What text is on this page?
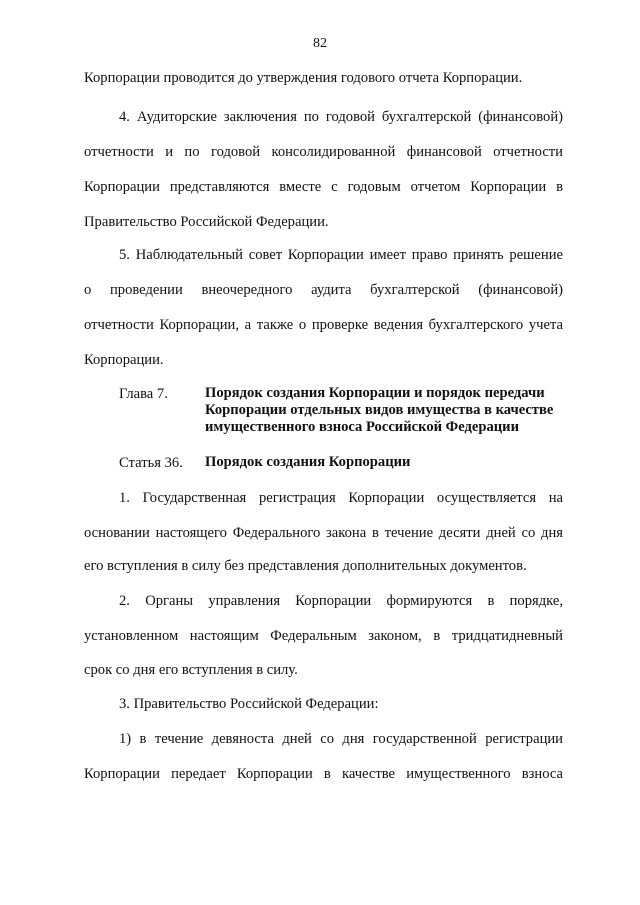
82
Корпорации проводится до утверждения годового отчета Корпорации.
4. Аудиторские заключения по годовой бухгалтерской (финансовой)
отчетности и по годовой консолидированной финансовой отчетности
Корпорации представляются вместе с годовым отчетом Корпорации в
Правительство Российской Федерации.
5. Наблюдательный совет Корпорации имеет право принять решение
о проведении внеочередного аудита бухгалтерской (финансовой)
отчетности Корпорации, а также о проверке ведения бухгалтерского учета
Корпорации.
Глава 7.	Порядок создания Корпорации и порядок передачи
Корпорации отдельных видов имущества в качестве
имущественного взноса Российской Федерации
Статья 36. Порядок создания Корпорации
1. Государственная регистрация Корпорации осуществляется на
основании настоящего Федерального закона в течение десяти дней со дня
его вступления в силу без представления дополнительных документов.
2. Органы управления Корпорации формируются в порядке,
установленном настоящим Федеральным законом, в тридцатидневный
срок со дня его вступления в силу.
3. Правительство Российской Федерации:
1) в течение девяноста дней со дня государственной регистрации
Корпорации передает Корпорации в качестве имущественного взноса
